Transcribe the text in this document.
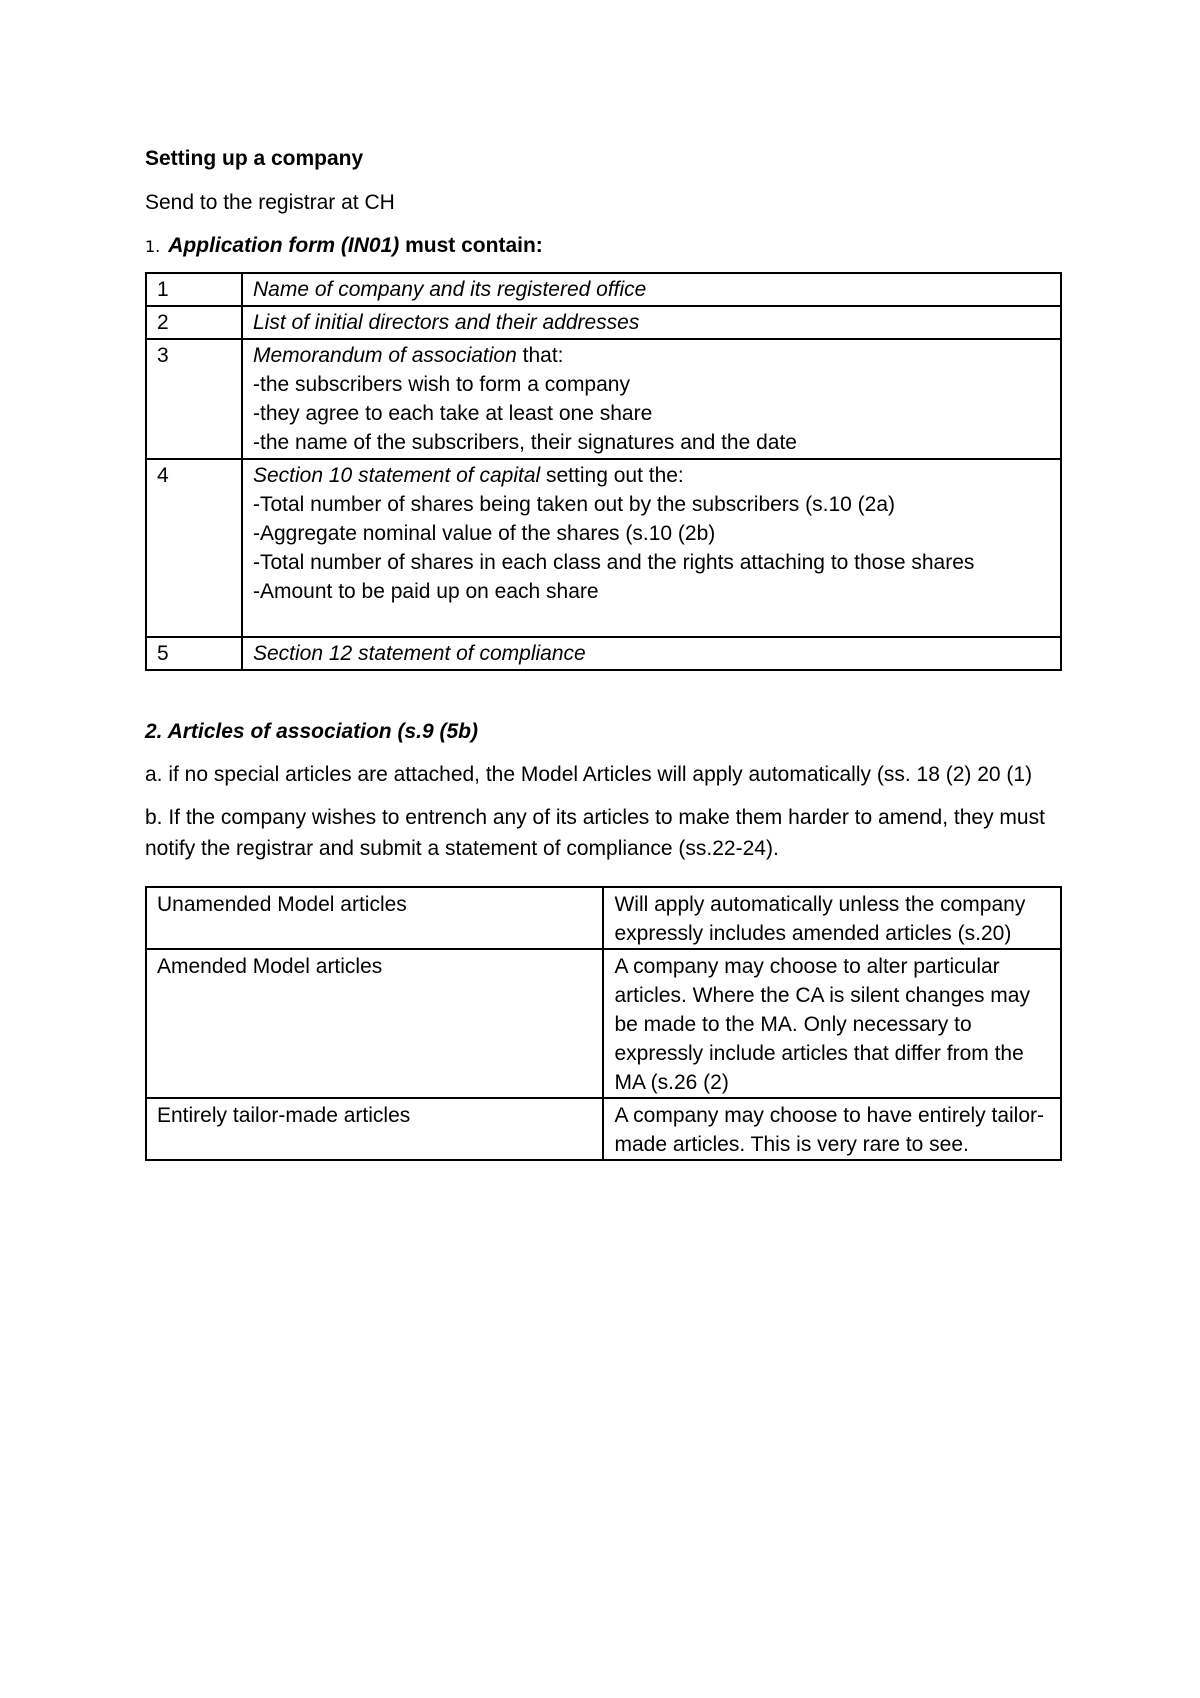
Setting up a company

Send to the registrar at CH

1. Application form (IN01) must contain:

1	Name of company and its registered office

2	List of initial directors and their addresses

3	Memorandum of association that:
-the subscribers wish to form a company
-they agree to each take at least one share
-the name of the subscribers, their signatures and the date

4	Section 10 statement of capital setting out the:
-Total number of shares being taken out by the subscribers (s.10 (2a)
-Aggregate nominal value of the shares (s.10 (2b)
-Total number of shares in each class and the rights attaching to those shares
-Amount to be paid up on each share

5	Section 12 statement of compliance

2. Articles of association (s.9 (5b)

a. if no special articles are attached, the Model Articles will apply automatically (ss. 18 (2) 20 (1)

b. If the company wishes to entrench any of its articles to make them harder to amend, they must notify the registrar and submit a statement of compliance (ss.22-24).

Unamended Model articles	Will apply automatically unless the company expressly includes amended articles (s.20)
Amended Model articles	A company may choose to alter particular articles. Where the CA is silent changes may be made to the MA. Only necessary to expressly include articles that differ from the MA (s.26 (2)
Entirely tailor-made articles	A company may choose to have entirely tailor-made articles. This is very rare to see.
